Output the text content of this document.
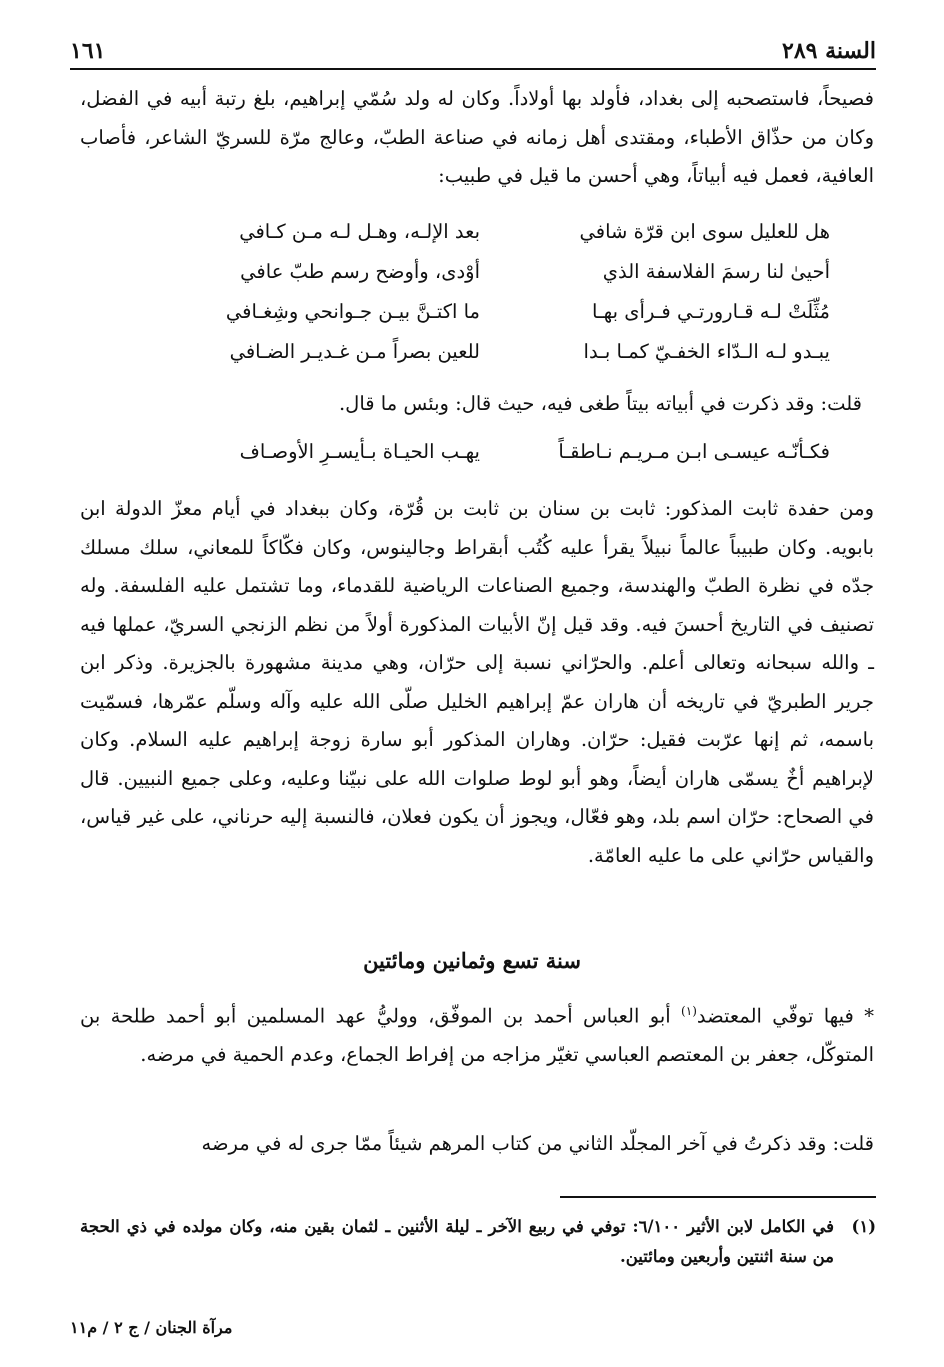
السنة ٢٨٩
١٦١
فصيحاً، فاستصحبه إلى بغداد، فأولد بها أولاداً. وكان له ولد سُمّي إبراهيم، بلغ رتبة أبيه في الفضل، وكان من حذّاق الأطباء، ومقتدى أهل زمانه في صناعة الطبّ، وعالج مرّة للسريّ الشاعر، فأصاب العافية، فعمل فيه أبياتاً، وهي أحسن ما قيل في طبيب:
هل للعليل سوى ابن قرّة شافي
بعد الإلـه، وهـل لـه مـن كـافي
أحيىٰ لنا رسمَ الفلاسفة الذي
أوْدى، وأوضح رسم طبّ عافي
مُثِّلَتْ لـه قـارورتـي فـرأى بهـا
ما اكتـنَّ بيـن جـوانحي وشِغـافي
يبـدو لـه الـدّاء الخفـيّ كمـا بـدا
للعين بصراً مـن غـديـر الضـافي
قلت: وقد ذكرت في أبياته بيتاً طغى فيه، حيث قال: وبئس ما قال.
فكـأنّـه عيسـى ابـن مـريـم نـاطقـاً
يهـب الحيـاة بـأيسـرِ الأوصـاف
ومن حفدة ثابت المذكور: ثابت بن سنان بن ثابت بن قُرّة، وكان ببغداد في أيام معزّ الدولة ابن بابويه. وكان طبيباً عالماً نبيلاً يقرأ عليه كُتُب أبقراط وجالينوس، وكان فكّاكاً للمعاني، سلك مسلك جدّه في نظرة الطبّ والهندسة، وجميع الصناعات الرياضية للقدماء، وما تشتمل عليه الفلسفة. وله تصنيف في التاريخ أحسنَ فيه. وقد قيل إنّ الأبيات المذكورة أولاً من نظم الزنجي السريّ، عملها فيه ـ والله سبحانه وتعالى أعلم. والحرّاني نسبة إلى حرّان، وهي مدينة مشهورة بالجزيرة. وذكر ابن جرير الطبريّ في تاريخه أن هاران عمّ إبراهيم الخليل صلّى الله عليه وآله وسلّم عمّرها، فسمّيت باسمه، ثم إنها عرّبت فقيل: حرّان. وهاران المذكور أبو سارة زوجة إبراهيم عليه السلام. وكان لإبراهيم أخٌ يسمّى هاران أيضاً، وهو أبو لوط صلوات الله على نبيّنا وعليه، وعلى جميع النبيين. قال في الصحاح: حرّان اسم بلد، وهو فعّال، ويجوز أن يكون فعلان، فالنسبة إليه حرناني، على غير قياس، والقياس حرّاني على ما عليه العامّة.
سنة تسع وثمانين ومائتين
* فيها توفّي المعتضد$^{(١)}$ أبو العباس أحمد بن الموفّق، ووليُّ عهد المسلمين أبو أحمد طلحة بن المتوكّل، جعفر بن المعتصم العباسي تغيّر مزاجه من إفراط الجماع، وعدم الحمية في مرضه.
قلت: وقد ذكرتُ في آخر المجلّد الثاني من كتاب المرهم شيئاً ممّا جرى له في مرضه
(١)
في الكامل لابن الأثير ٦/١٠٠: توفي في ربيع الآخر ـ ليلة الأثنين ـ لثمان بقين منه، وكان مولده في ذي الحجة من سنة اثنتين وأربعين ومائتين.
مرآة الجنان / ج ٢ / م١١
